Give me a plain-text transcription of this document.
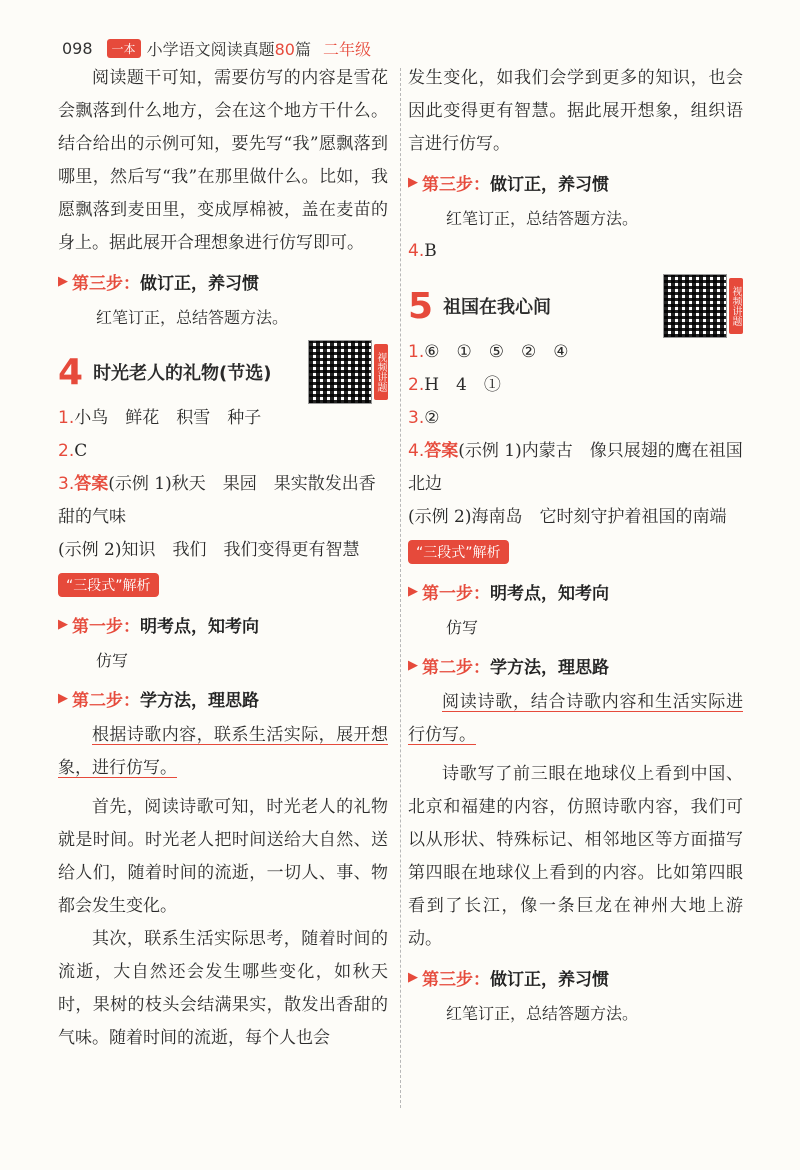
098	一本 小学语文阅读真题80篇 二年级

阅读题干可知，需要仿写的内容是雪花会飘落到什么地方，会在这个地方干什么。结合给出的示例可知，要先写“我”愿飘落到哪里，然后写“我”在那里做什么。比如，我愿飘落到麦田里，变成厚棉被，盖在麦苗的身上。据此展开合理想象进行仿写即可。

▶ 第三步： 做订正，养习惯

红笔订正，总结答题方法。

4 时光老人的礼物(节选)	视频讲题

1.小鸟　鲜花　积雪　种子

2.C

3.答案(示例 1)秋天　果园　果实散发出香甜的气味

(示例 2)知识　我们　我们变得更有智慧

“三段式”解析
▶ 第一步： 明考点，知考向

仿写

▶ 第二步： 学方法，理思路

根据诗歌内容，联系生活实际，展开想象，进行仿写。

首先，阅读诗歌可知，时光老人的礼物就是时间。时光老人把时间送给大自然、送给人们，随着时间的流逝，一切人、事、物都会发生变化。

其次，联系生活实际思考，随着时间的流逝，大自然还会发生哪些变化，如秋天时，果树的枝头会结满果实，散发出香甜的气味。随着时间的流逝，每个人也会

发生变化，如我们会学到更多的知识，也会因此变得更有智慧。据此展开想象，组织语言进行仿写。

▶ 第三步： 做订正，养习惯

红笔订正，总结答题方法。

4.B

5 祖国在我心间	视频讲题

1.⑥　①　⑤　②　④

2.H　4　①

3.②

4.答案(示例 1)内蒙古　像只展翅的鹰在祖国北边

(示例 2)海南岛　它时刻守护着祖国的南端

“三段式”解析
▶ 第一步： 明考点，知考向

仿写

▶ 第二步： 学方法，理思路

阅读诗歌，结合诗歌内容和生活实际进行仿写。

诗歌写了前三眼在地球仪上看到中国、北京和福建的内容，仿照诗歌内容，我们可以从形状、特殊标记、相邻地区等方面描写第四眼在地球仪上看到的内容。比如第四眼看到了长江，像一条巨龙在神州大地上游动。

▶ 第三步： 做订正，养习惯

红笔订正，总结答题方法。
